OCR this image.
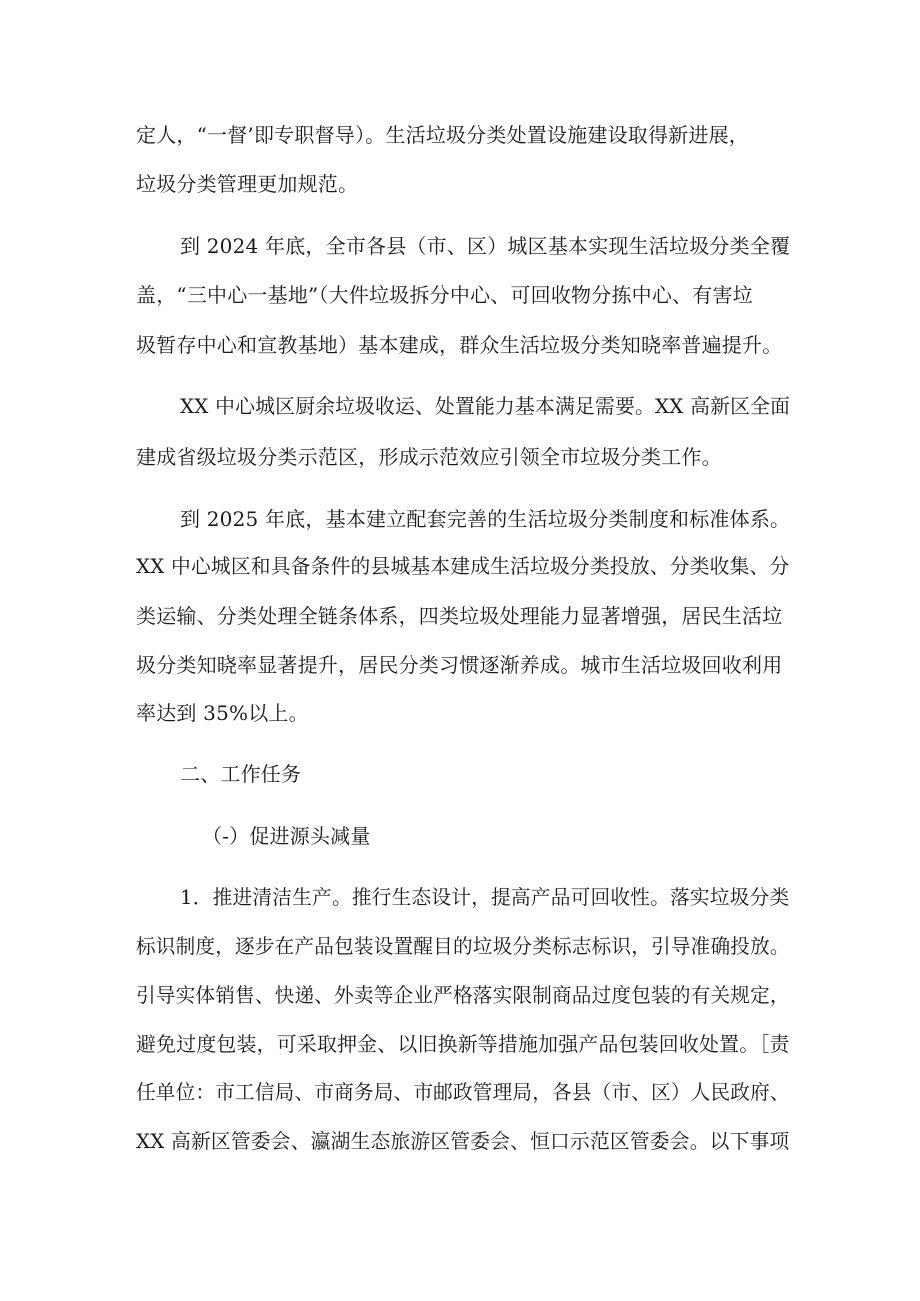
定人，“一督’即专职督导）。生活垃圾分类处置设施建设取得新进展，
垃圾分类管理更加规范。
到 2024 年底，全市各县（市、区）城区基本实现生活垃圾分类全覆
盖，“三中心一基地”（大件垃圾拆分中心、可回收物分拣中心、有害垃
圾暂存中心和宣教基地）基本建成，群众生活垃圾分类知晓率普遍提升。
XX 中心城区厨余垃圾收运、处置能力基本满足需要。XX 高新区全面
建成省级垃圾分类示范区，形成示范效应引领全市垃圾分类工作。
到 2025 年底，基本建立配套完善的生活垃圾分类制度和标准体系。
XX 中心城区和具备条件的县城基本建成生活垃圾分类投放、分类收集、分
类运输、分类处理全链条体系，四类垃圾处理能力显著增强，居民生活垃
圾分类知晓率显著提升，居民分类习惯逐渐养成。城市生活垃圾回收利用
率达到 35%以上。
二、工作任务
（-）促进源头减量
1．推进清洁生产。推行生态设计，提高产品可回收性。落实垃圾分类
标识制度，逐步在产品包装设置醒目的垃圾分类标志标识，引导准确投放。
引导实体销售、快递、外卖等企业严格落实限制商品过度包装的有关规定，
避免过度包装，可采取押金、以旧换新等措施加强产品包装回收处置。［责
任单位：市工信局、市商务局、市邮政管理局，各县（市、区）人民政府、
XX 高新区管委会、瀛湖生态旅游区管委会、恒口示范区管委会。以下事项
